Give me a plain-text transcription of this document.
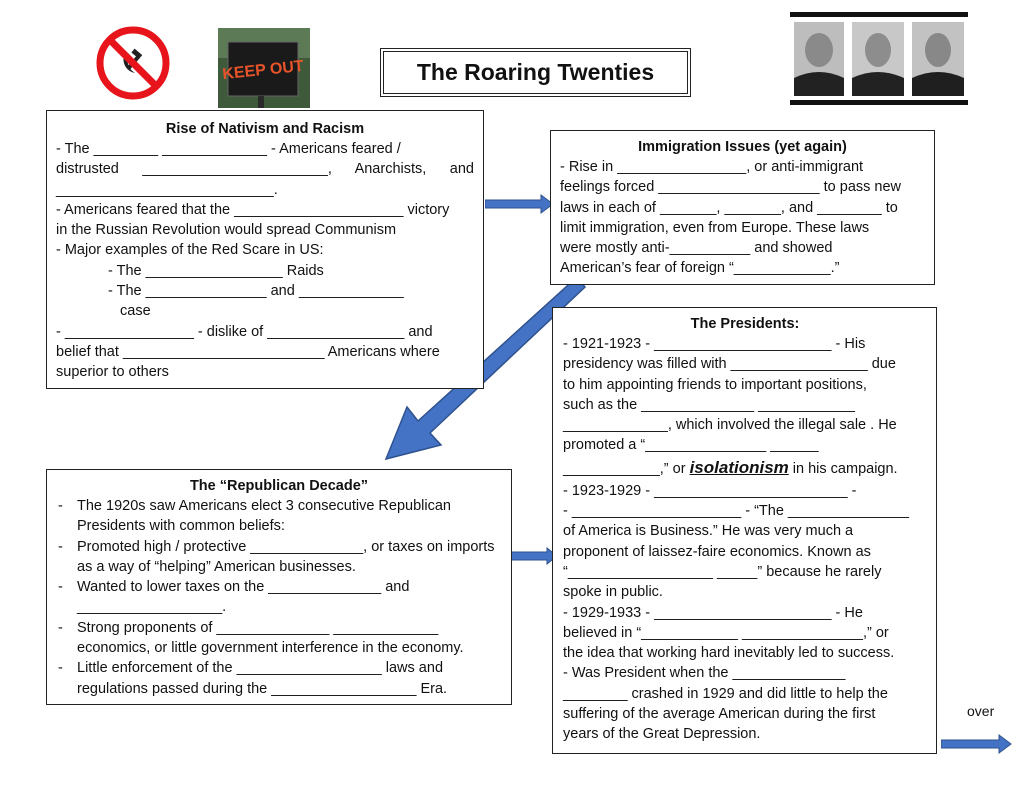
The Roaring Twenties
KEEP OUT
Rise of Nativism and Racism

- The ________ _____________ - Americans feared /

distrusted _______________________, Anarchists, and

___________________________.

- Americans feared that the _____________________ victory

in the Russian Revolution would spread Communism

- Major examples of the Red Scare in US:

- The _________________ Raids

- The _______________ and _____________

case

- ________________ - dislike of _________________ and

belief that _________________________ Americans where

superior to others

Immigration Issues (yet again)

- Rise in ________________, or anti-immigrant

feelings forced ____________________ to pass new

laws in each of _______, _______, and ________ to

limit immigration, even from Europe. These laws

were mostly anti-__________ and showed

American’s fear of foreign “____________.”

The “Republican Decade”
- The 1920s saw Americans elect 3 consecutive Republican Presidents with common beliefs:
- Promoted high / protective ______________, or taxes on imports as a way of “helping” American businesses.
- Wanted to lower taxes on the ______________ and __________________.
- Strong proponents of ______________ _____________ economics, or little government interference in the economy.
- Little enforcement of the __________________ laws and regulations passed during the __________________ Era.
The Presidents:

- 1921-1923 - ______________________ - His

presidency was filled with _________________ due

to him appointing friends to important positions,

such as the ______________ ____________

_____________, which involved the illegal sale . He

promoted a “_______________ ______

____________,” or isolationism in his campaign.

- 1923-1929 - ________________________ -

- _____________________ - “The _______________

of America is Business.” He was very much a

proponent of laissez-faire economics. Known as

“__________________ _____” because he rarely

spoke in public.

- 1929-1933 - ______________________ - He

believed in “____________ _______________,” or

the idea that working hard inevitably led to success.

- Was President when the ______________

________ crashed in 1929 and did little to help the

suffering of the average American during the first

years of the Great Depression.

over
